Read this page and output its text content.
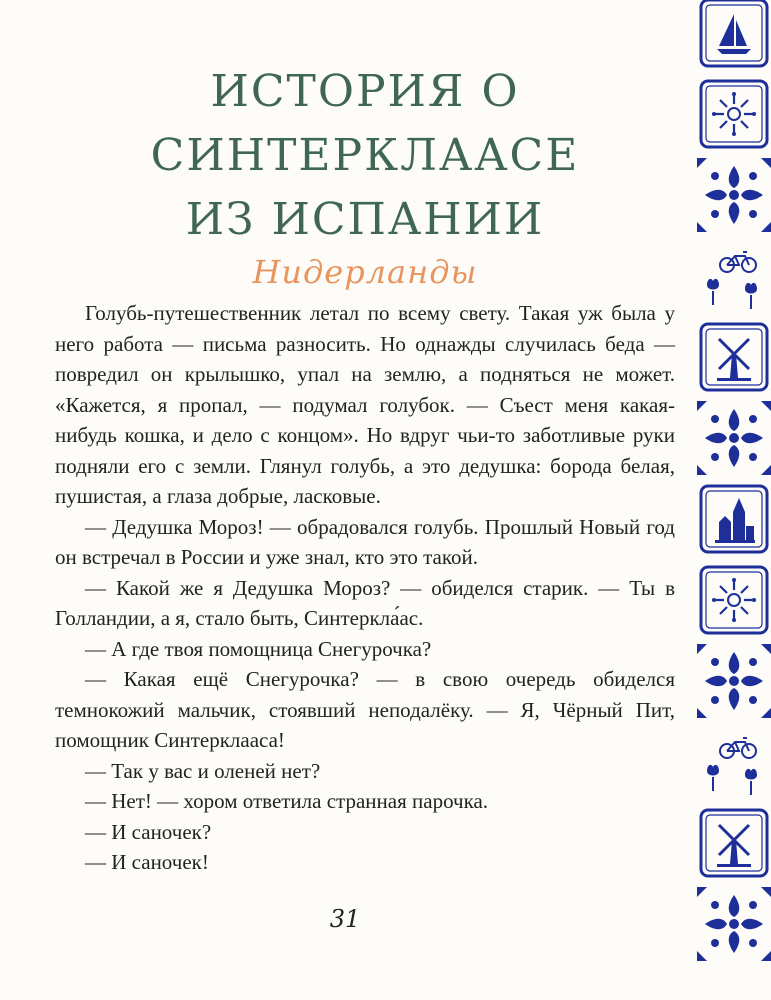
ИСТОРИЯ О СИНТЕРКЛААСЕ
ИЗ ИСПАНИИ
Нидерланды

Голубь-путешественник летал по всему свету. Такая уж была у него работа — письма разносить. Но однажды случилась беда — повредил он крылышко, упал на землю, а подняться не может. «Кажется, я пропал, — подумал голубок. — Съест меня какая-нибудь кошка, и дело с концом». Но вдруг чьи-то заботливые руки подняли его с земли. Глянул голубь, а это дедушка: борода белая, пушистая, а глаза добрые, ласковые.

— Дедушка Мороз! — обрадовался голубь. Прошлый Новый год он встречал в России и уже знал, кто это такой.

— Какой же я Дедушка Мороз? — обиделся старик. — Ты в Голландии, а я, стало быть, Синтеркла́ас.

— А где твоя помощница Снегурочка?

— Какая ещё Снегурочка? — в свою очередь обиделся темнокожий мальчик, стоявший неподалёку. — Я, Чёрный Пит, помощник Синтерклааса!

— Так у вас и оленей нет?

— Нет! — хором ответила странная парочка.

— И саночек?

— И саночек!

31
